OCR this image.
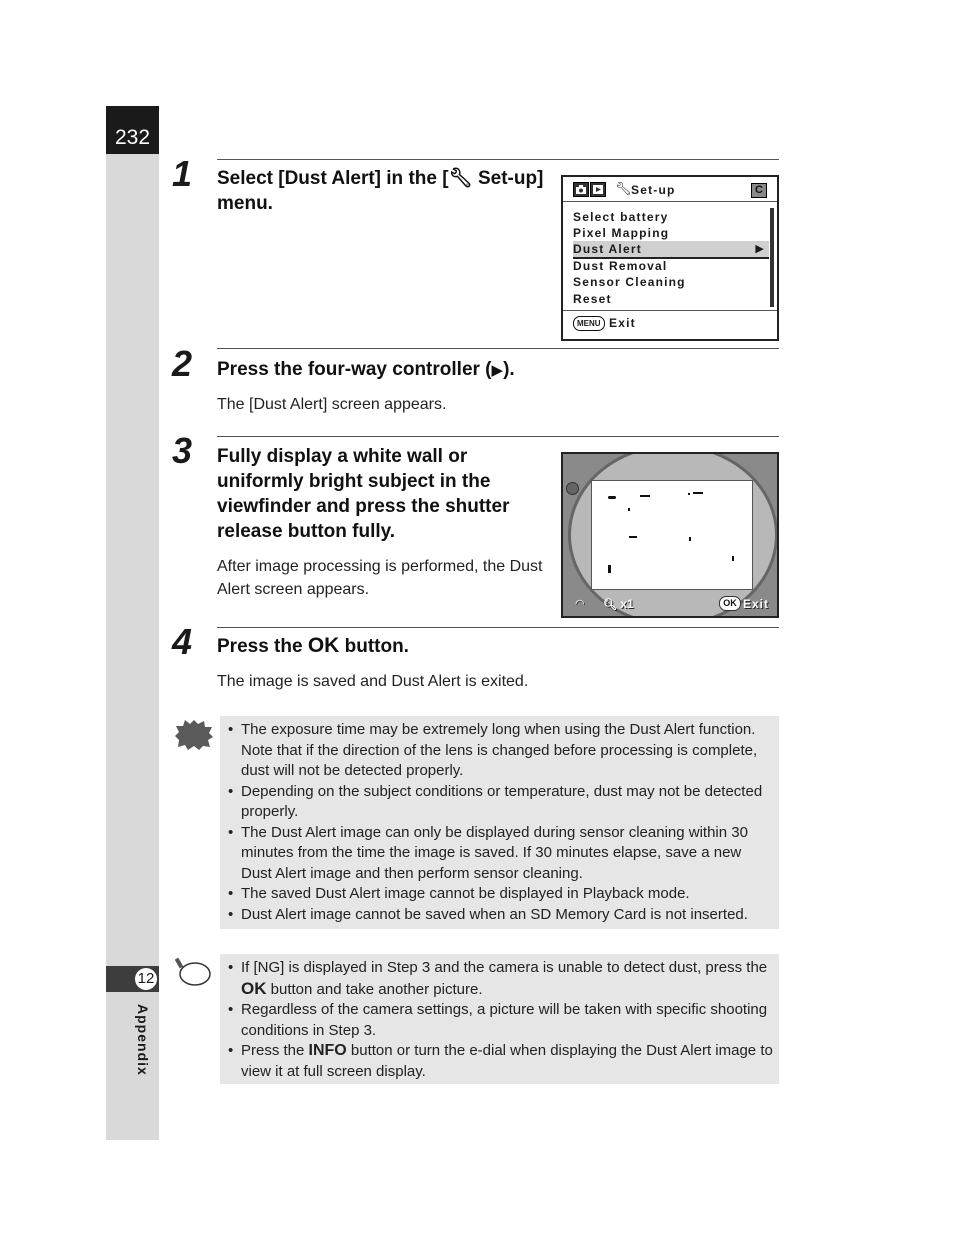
232
12
Appendix
1 Select [Dust Alert] in the [🔧︎ Set-up] menu.
🔧︎ Set-up	C
Select battery
Pixel Mapping
Dust Alert	▶
Dust Removal
Sensor Cleaning
Reset
MENU Exit
2 Press the four-way controller (▶).
The [Dust Alert] screen appears.
3 Fully display a white wall or uniformly bright subject in the viewfinder and press the shutter release button fully.
After image processing is performed, the Dust Alert screen appears.
◠ 🔍︎ x1	OK Exit
4 Press the OK button.
The image is saved and Dust Alert is exited.
• The exposure time may be extremely long when using the Dust Alert function. Note that if the direction of the lens is changed before processing is complete, dust will not be detected properly.
• Depending on the subject conditions or temperature, dust may not be detected properly.
• The Dust Alert image can only be displayed during sensor cleaning within 30 minutes from the time the image is saved. If 30 minutes elapse, save a new Dust Alert image and then perform sensor cleaning.
• The saved Dust Alert image cannot be displayed in Playback mode.
• Dust Alert image cannot be saved when an SD Memory Card is not inserted.
• If [NG] is displayed in Step 3 and the camera is unable to detect dust, press the OK button and take another picture.
• Regardless of the camera settings, a picture will be taken with specific shooting conditions in Step 3.
• Press the INFO button or turn the e-dial when displaying the Dust Alert image to view it at full screen display.
